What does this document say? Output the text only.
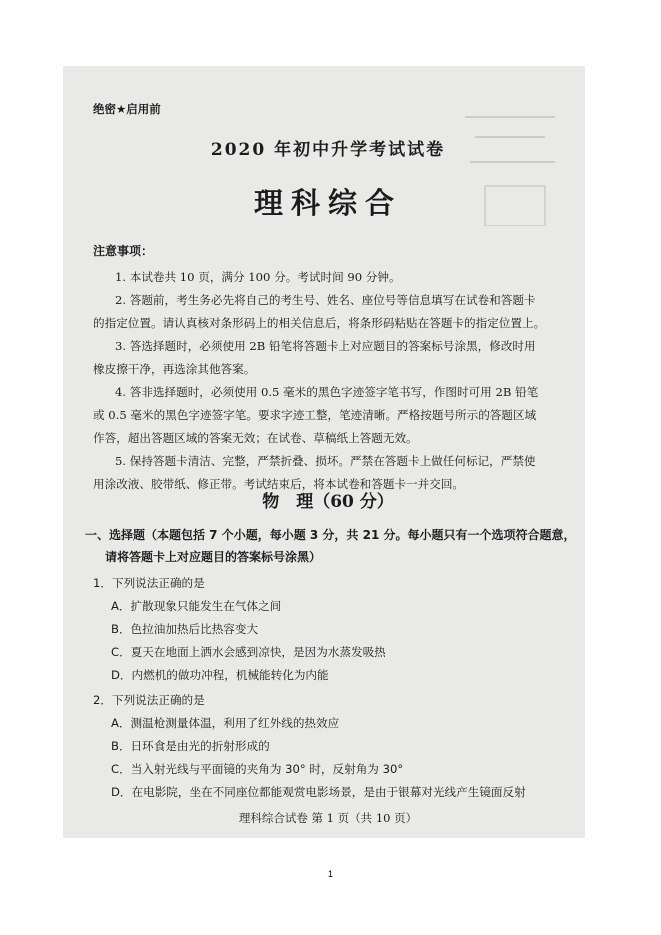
绝密★启用前
2020 年初中升学考试试卷
理科综合
注意事项：
1. 本试卷共 10 页，满分 100 分。考试时间 90 分钟。
2. 答题前，考生务必先将自己的考生号、姓名、座位号等信息填写在试卷和答题卡
的指定位置。请认真核对条形码上的相关信息后，将条形码粘贴在答题卡的指定位置上。
3. 答选择题时，必须使用 2B 铅笔将答题卡上对应题目的答案标号涂黑，修改时用
橡皮擦干净，再选涂其他答案。
4. 答非选择题时，必须使用 0.5 毫米的黑色字迹签字笔书写，作图时可用 2B 铅笔
或 0.5 毫米的黑色字迹签字笔。要求字迹工整，笔迹清晰。严格按题号所示的答题区域
作答，超出答题区域的答案无效；在试卷、草稿纸上答题无效。
5. 保持答题卡清洁、完整，严禁折叠、损坏。严禁在答题卡上做任何标记，严禁使
用涂改液、胶带纸、修正带。考试结束后，将本试卷和答题卡一并交回。
物　理（60 分）
一、选择题（本题包括 7 个小题，每小题 3 分，共 21 分。每小题只有一个选项符合题意，
请将答题卡上对应题目的答案标号涂黑）
1．下列说法正确的是
A．扩散现象只能发生在气体之间
B．色拉油加热后比热容变大
C．夏天在地面上洒水会感到凉快，是因为水蒸发吸热
D．内燃机的做功冲程，机械能转化为内能
2．下列说法正确的是
A．测温枪测量体温，利用了红外线的热效应
B．日环食是由光的折射形成的
C．当入射光线与平面镜的夹角为 30° 时，反射角为 30°
D．在电影院，坐在不同座位都能观赏电影场景，是由于银幕对光线产生镜面反射
理科综合试卷 第 1 页（共 10 页）
1
